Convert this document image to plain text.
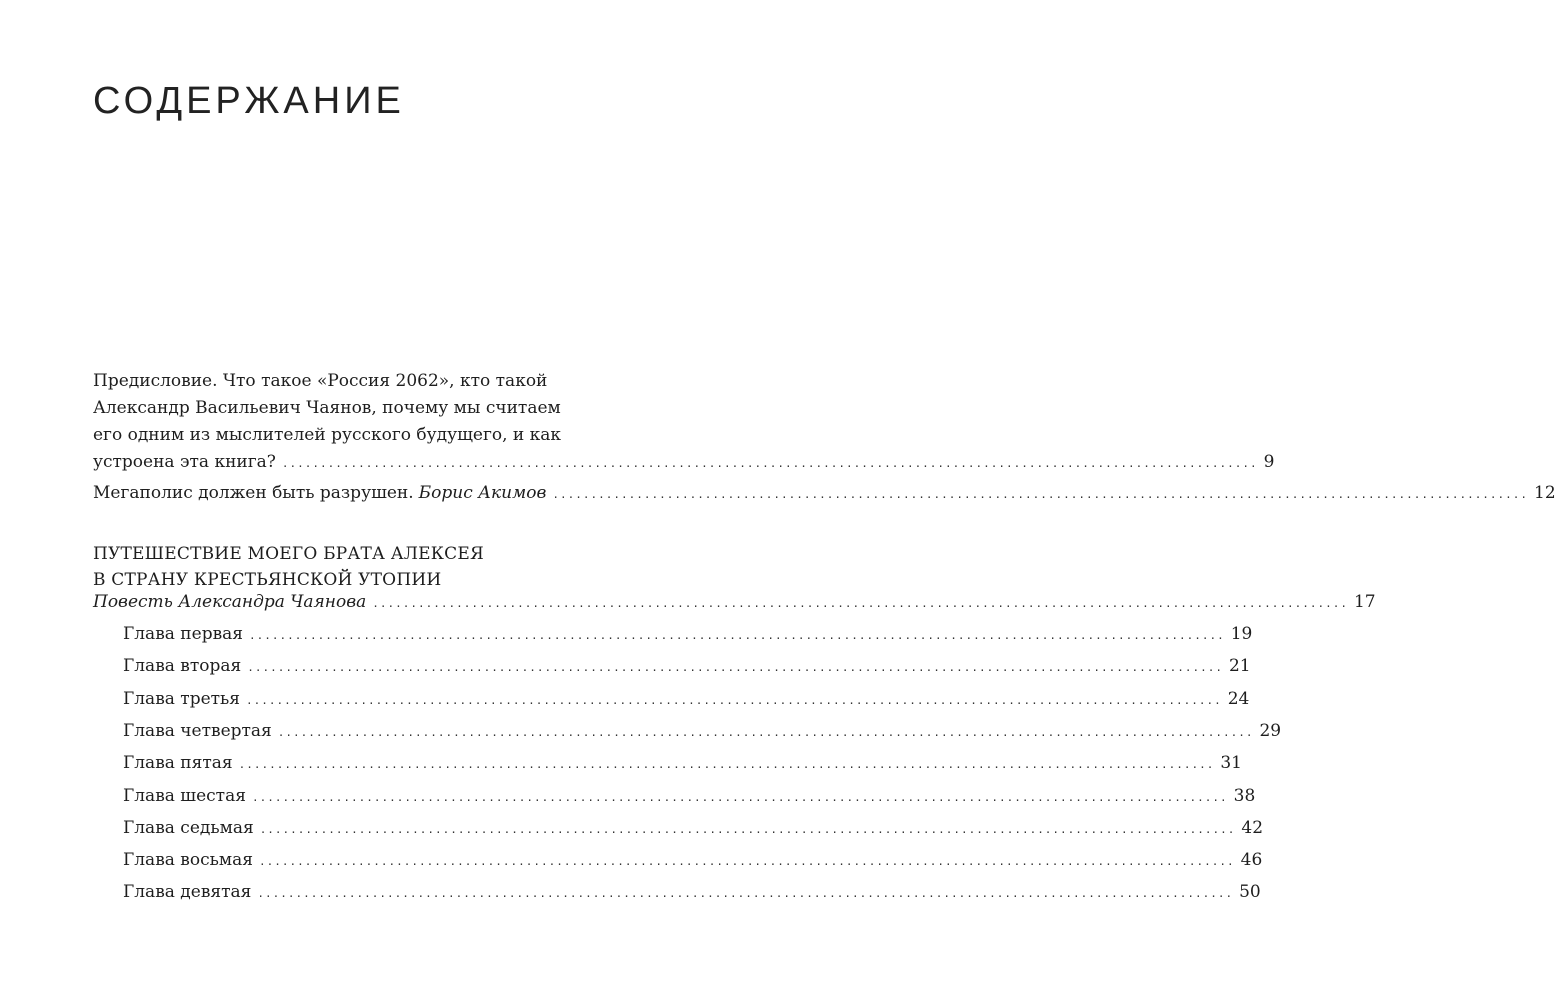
СОДЕРЖАНИЕ
Предисловие. Что такое «Россия 2062», кто такой
Александр Васильевич Чаянов, почему мы считаем
его одним из мыслителей русского будущего, и как
устроена эта книга? ................................................................................................................................ 9
Мегаполис должен быть разрушен. Борис Акимов ................................................................................................................................ 12
ПУТЕШЕСТВИЕ МОЕГО БРАТА АЛЕКСЕЯ
В СТРАНУ КРЕСТЬЯНСКОЙ УТОПИИ
Повесть Александра Чаянова ................................................................................................................................ 17
Глава первая ................................................................................................................................ 19
Глава вторая ................................................................................................................................ 21
Глава третья ................................................................................................................................ 24
Глава четвертая ................................................................................................................................ 29
Глава пятая ................................................................................................................................ 31
Глава шестая ................................................................................................................................ 38
Глава седьмая ................................................................................................................................ 42
Глава восьмая ................................................................................................................................ 46
Глава девятая ................................................................................................................................ 50
